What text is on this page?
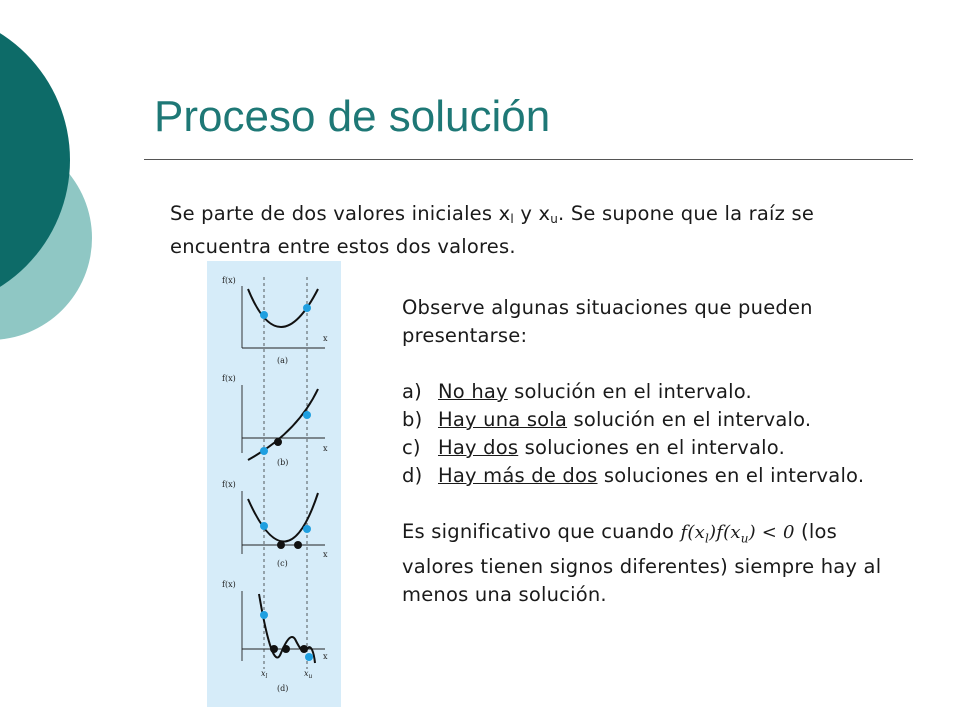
Proceso de solución

Se parte de dos valores iniciales $x_l$ y $x_u$. Se supone que la raíz se encuentra entre estos dos valores.

f(x)
x
(a)
f(x)
x
(b)
f(x)
x
(c)
f(x)
x
$x_l$	$x_u$
(d)

Observe algunas situaciones que pueden presentarse:

a) No hay solución en el intervalo.
b) Hay una sola solución en el intervalo.
c) Hay dos soluciones en el intervalo.
d) Hay más de dos soluciones en el intervalo.

Es significativo que cuando $f(x_l)f(x_u) < 0$ (los valores tienen signos diferentes) siempre hay al menos una solución.
